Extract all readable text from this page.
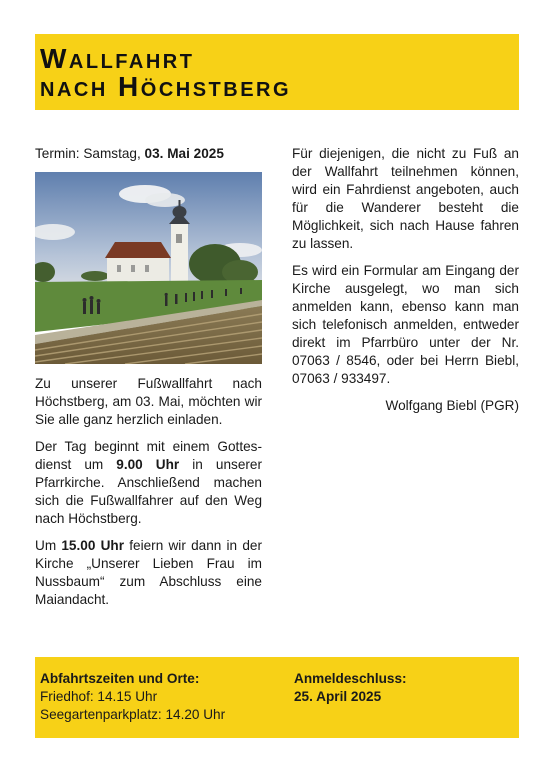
Wallfahrt
nach Höchstberg

Termin: Samstag, 03. Mai 2025

Zu unserer Fußwallfahrt nach Höchstberg, am 03. Mai, möchten wir Sie alle ganz herzlich einladen.

Der Tag beginnt mit einem Gottesdienst um 9.00 Uhr in unserer Pfarrkirche. Anschließend machen sich die Fußwallfahrer auf den Weg nach Höchstberg.

Um 15.00 Uhr feiern wir dann in der Kirche „Unserer Lieben Frau im Nussbaum“ zum Abschluss eine Maiandacht.

Für diejenigen, die nicht zu Fuß an der Wallfahrt teilnehmen können, wird ein Fahrdienst angeboten, auch für die Wanderer besteht die Möglichkeit, sich nach Hause fahren zu lassen.

Es wird ein Formular am Eingang der Kirche ausgelegt, wo man sich anmelden kann, ebenso kann man sich telefonisch anmelden, entweder direkt im Pfarrbüro unter der Nr. 07063 / 8546, oder bei Herrn Biebl, 07063 / 933497.

Wolfgang Biebl (PGR)

Abfahrtszeiten und Orte:
Friedhof: 14.15 Uhr
Seegartenparkplatz: 14.20 Uhr
Anmeldeschluss:
25. April 2025
